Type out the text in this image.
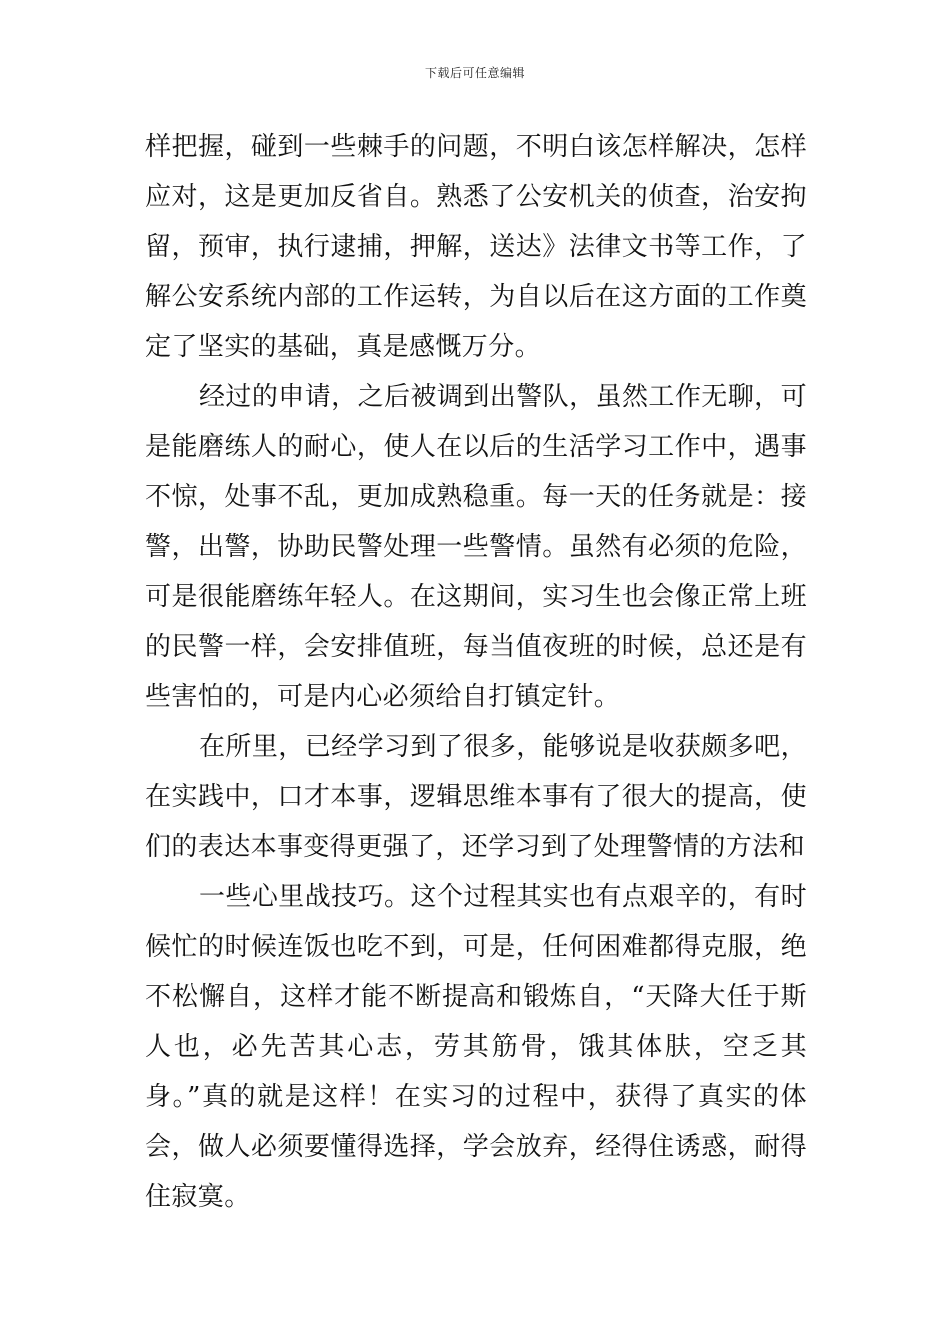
下载后可任意编辑

样把握，碰到一些棘手的问题，不明白该怎样解决，怎样应对，这是更加反省自。熟悉了公安机关的侦查，治安拘留，预审，执行逮捕，押解，送达》法律文书等工作，了解公安系统内部的工作运转，为自以后在这方面的工作奠定了坚实的基础，真是感慨万分。

经过的申请，之后被调到出警队，虽然工作无聊，可是能磨练人的耐心，使人在以后的生活学习工作中，遇事不惊，处事不乱，更加成熟稳重。每一天的任务就是：接警，出警，协助民警处理一些警情。虽然有必须的危险，可是很能磨练年轻人。在这期间，实习生也会像正常上班的民警一样，会安排值班，每当值夜班的时候，总还是有些害怕的，可是内心必须给自打镇定针。

在所里，已经学习到了很多，能够说是收获颇多吧，在实践中，口才本事，逻辑思维本事有了很大的提高，使们的表达本事变得更强了，还学习到了处理警情的方法和

一些心里战技巧。这个过程其实也有点艰辛的，有时候忙的时候连饭也吃不到，可是，任何困难都得克服，绝不松懈自，这样才能不断提高和锻炼自，“天降大任于斯人也，必先苦其心志，劳其筋骨，饿其体肤，空乏其身。”真的就是这样！在实习的过程中，获得了真实的体会，做人必须要懂得选择，学会放弃，经得住诱惑，耐得住寂寞。
